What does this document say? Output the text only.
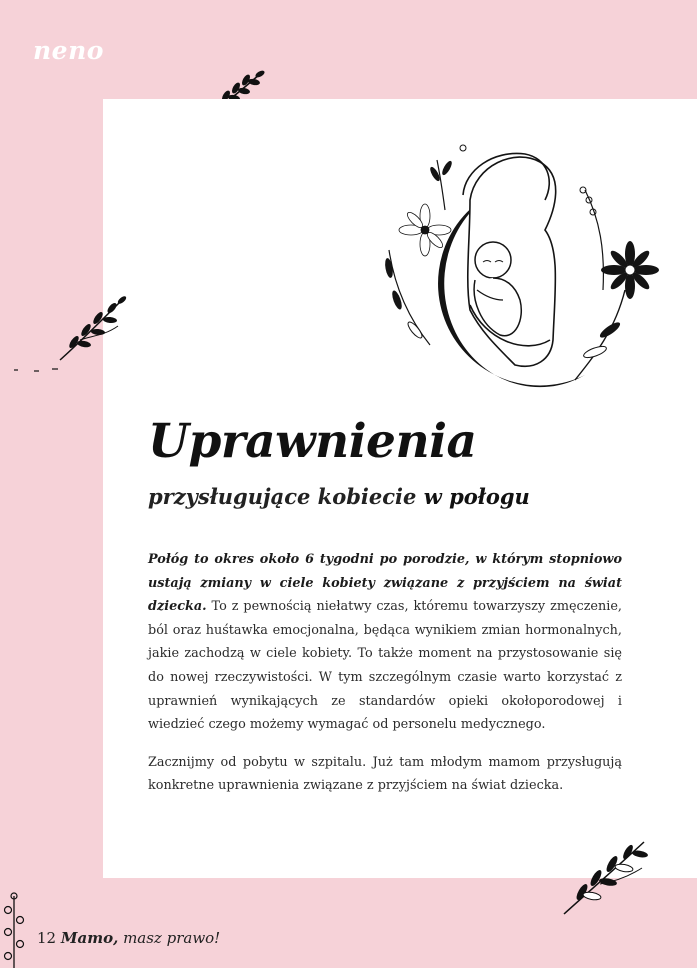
neno
Uprawnienia
przysługujące kobiecie w połogu

Połóg to okres około 6 tygodni po porodzie, w którym stopniowo ustają zmiany w ciele kobiety związane z przyjściem na świat dziecka. To z pewnością niełatwy czas, któremu towarzyszy zmęczenie, ból oraz huśtawka emocjonalna, będąca wynikiem zmian hormonalnych, jakie zachodzą w ciele kobiety. To także moment na przystosowanie się do nowej rzeczywistości. W tym szczególnym czasie warto korzystać z uprawnień wynikających ze standardów opieki okołoporodowej i wiedzieć czego możemy wymagać od personelu medycznego.

Zacznijmy od pobytu w szpitalu. Już tam młodym mamom przysługują konkretne uprawnienia związane z przyjściem na świat dziecka.

12 Mamo, masz prawo!
